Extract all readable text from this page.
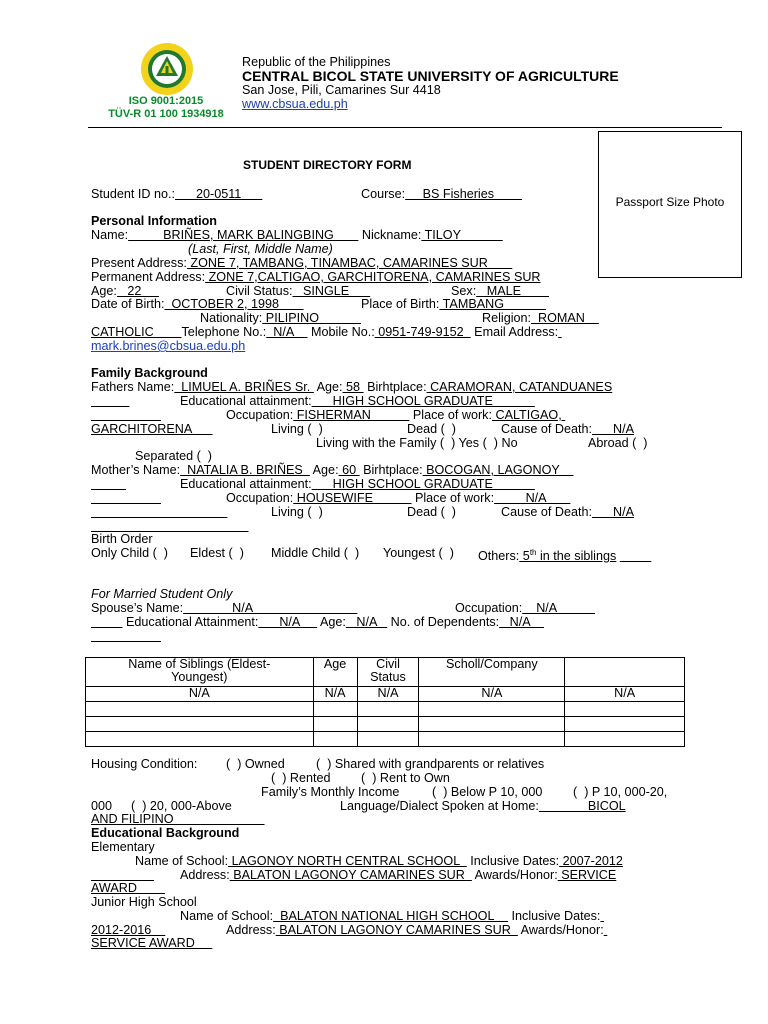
ISO 9001:2015
TÜV-R 01 100 1934918
Republic of the Philippines
CENTRAL BICOL STATE UNIVERSITY OF AGRICULTURE
San Jose, Pili, Camarines Sur 4418
www.cbsua.edu.ph
STUDENT DIRECTORY FORM
Passport Size Photo
Student ID no.:      20-0511	Course:     BS Fisheries
Personal Information
Name:          BRIÑES, MARK BALINGBING        Nickname: TILOY
(Last, First, Middle Name)
Present Address: ZONE 7, TAMBANG, TINAMBAC, CAMARINES SUR
Permanent Address: ZONE 7,CALTIGAO, GARCHITORENA, CAMARINES SUR
Age:   22	Civil Status:   SINGLE	Sex:   MALE
Date of Birth:  OCTOBER 2, 1998	Place of Birth: TAMBANG
Nationality: PILIPINO	Religion:  ROMAN
CATHOLIC        Telephone No.:  N/A     Mobile No.: 0951-749-9152   Email Address:
mark.brines@cbsua.edu.ph
Family Background
Fathers Name:  LIMUEL A. BRIÑES Sr.  Age: 58  Birhtplace: CARAMORAN, CATANDUANES

Educational attainment:      HIGH SCHOOL GRADUATE

Occupation: FISHERMAN            Place of work: CALTIGAO,
GARCHITORENA	Living (  )	Dead (  )	Cause of Death:      N/A
Living with the Family (  ) Yes (  ) No	Abroad (  )
Separated (  )
Mother’s Name:  NATALIA B. BRIÑES   Age: 60  Birhtplace: BOCOGAN, LAGONOY

Educational attainment:      HIGH SCHOOL GRADUATE

Occupation: HOUSEWIFE            Place of work:         N/A

Living (  )	Dead (  )	Cause of Death:      N/A

Birth Order
Only Child (  ) Eldest (  ) Middle Child (  ) Youngest (  ) Others: 5th in the siblings
For Married Student Only
Spouse’s Name:              N/A	Occupation:    N/A
Educational Attainment:      N/A      Age:   N/A    No. of Dependents:   N/A

Name of Siblings (Eldest-Youngest)	Age	Civil Status	Scholl/Company	
N/A	N/A	N/A	N/A	N/A

Housing Condition: (  ) Owned (  ) Shared with grandparents or relatives
(  ) Rented (  ) Rent to Own
Family’s Monthly Income	(  ) Below P 10, 000 (  ) P 10, 000-20,
000 (  ) 20, 000-Above	Language/Dialect Spoken at Home:              BICOL
AND FILIPINO
Educational Background
Elementary
Name of School: LAGONOY NORTH CENTRAL SCHOOL   Inclusive Dates: 2007-2012

Address: BALATON LAGONOY CAMARINES SUR   Awards/Honor: SERVICE
AWARD
Junior High School
Name of School:  BALATON NATIONAL HIGH SCHOOL     Inclusive Dates:
2012-2016	Address: BALATON LAGONOY CAMARINES SUR   Awards/Honor:
SERVICE AWARD
